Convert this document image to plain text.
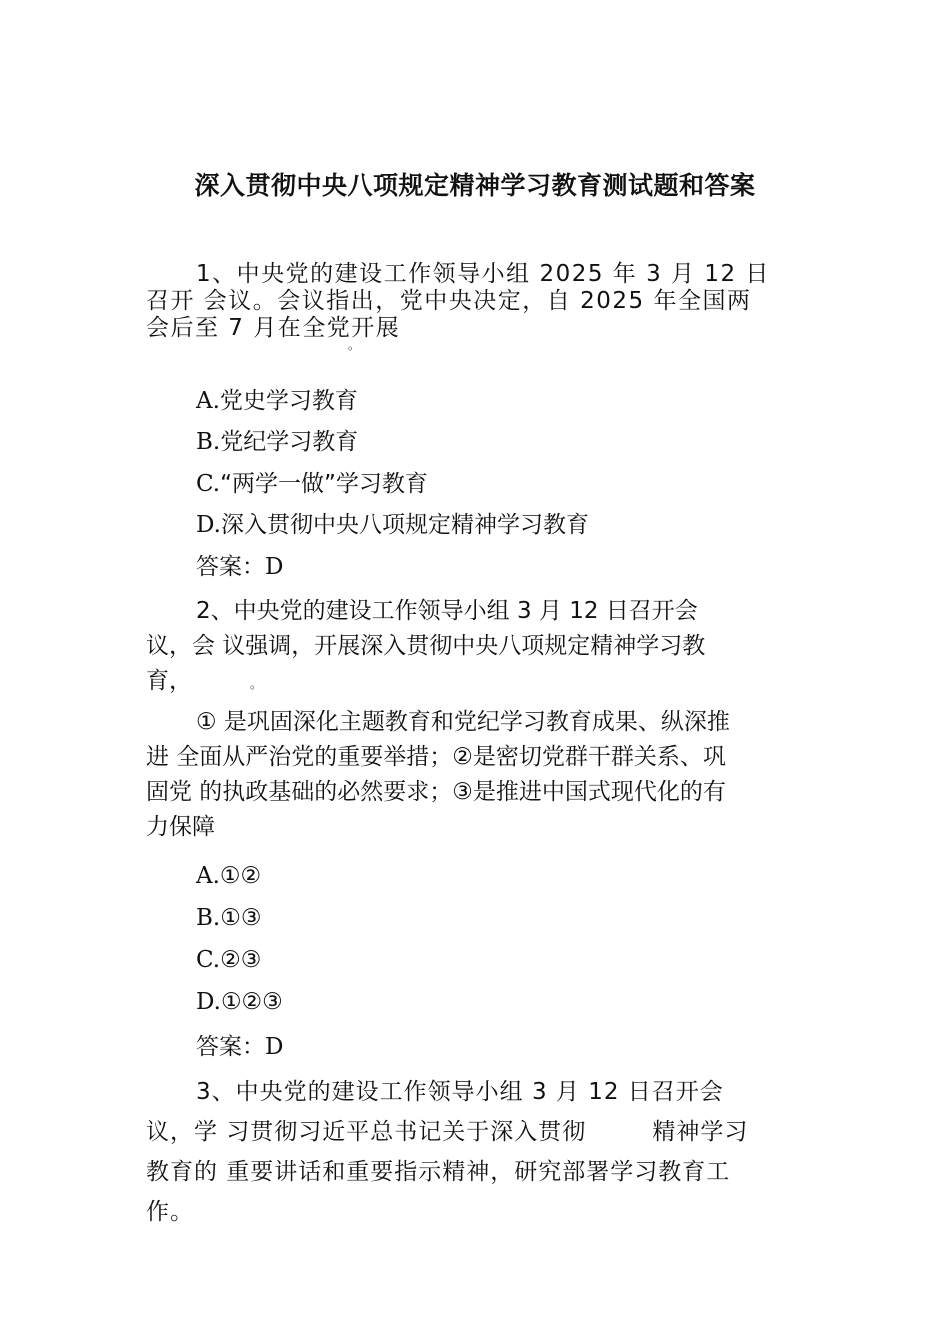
深入贯彻中央八项规定精神学习教育测试题和答案
1、中央党的建设工作领导小组 2025 年 3 月 12 日
召开 会议。会议指出，党中央决定，自 2025 年全国两
会后至 7 月在全党开展
。
A.党史学习教育
B.党纪学习教育
C.“两学一做”学习教育
D.深入贯彻中央八项规定精神学习教育
答案：D
2、中央党的建设工作领导小组 3 月 12 日召开会
议，会 议强调，开展深入贯彻中央八项规定精神学习教
育，	。
① 是巩固深化主题教育和党纪学习教育成果、纵深推
进 全面从严治党的重要举措；②是密切党群干群关系、巩
固党 的执政基础的必然要求；③是推进中国式现代化的有
力保障
A.①②
B.①③
C.②③
D.①②③
答案：D
3、中央党的建设工作领导小组 3 月 12 日召开会
议，学 习贯彻习近平总书记关于深入贯彻	精神学习
教育的 重要讲话和重要指示精神，研究部署学习教育工
作。
